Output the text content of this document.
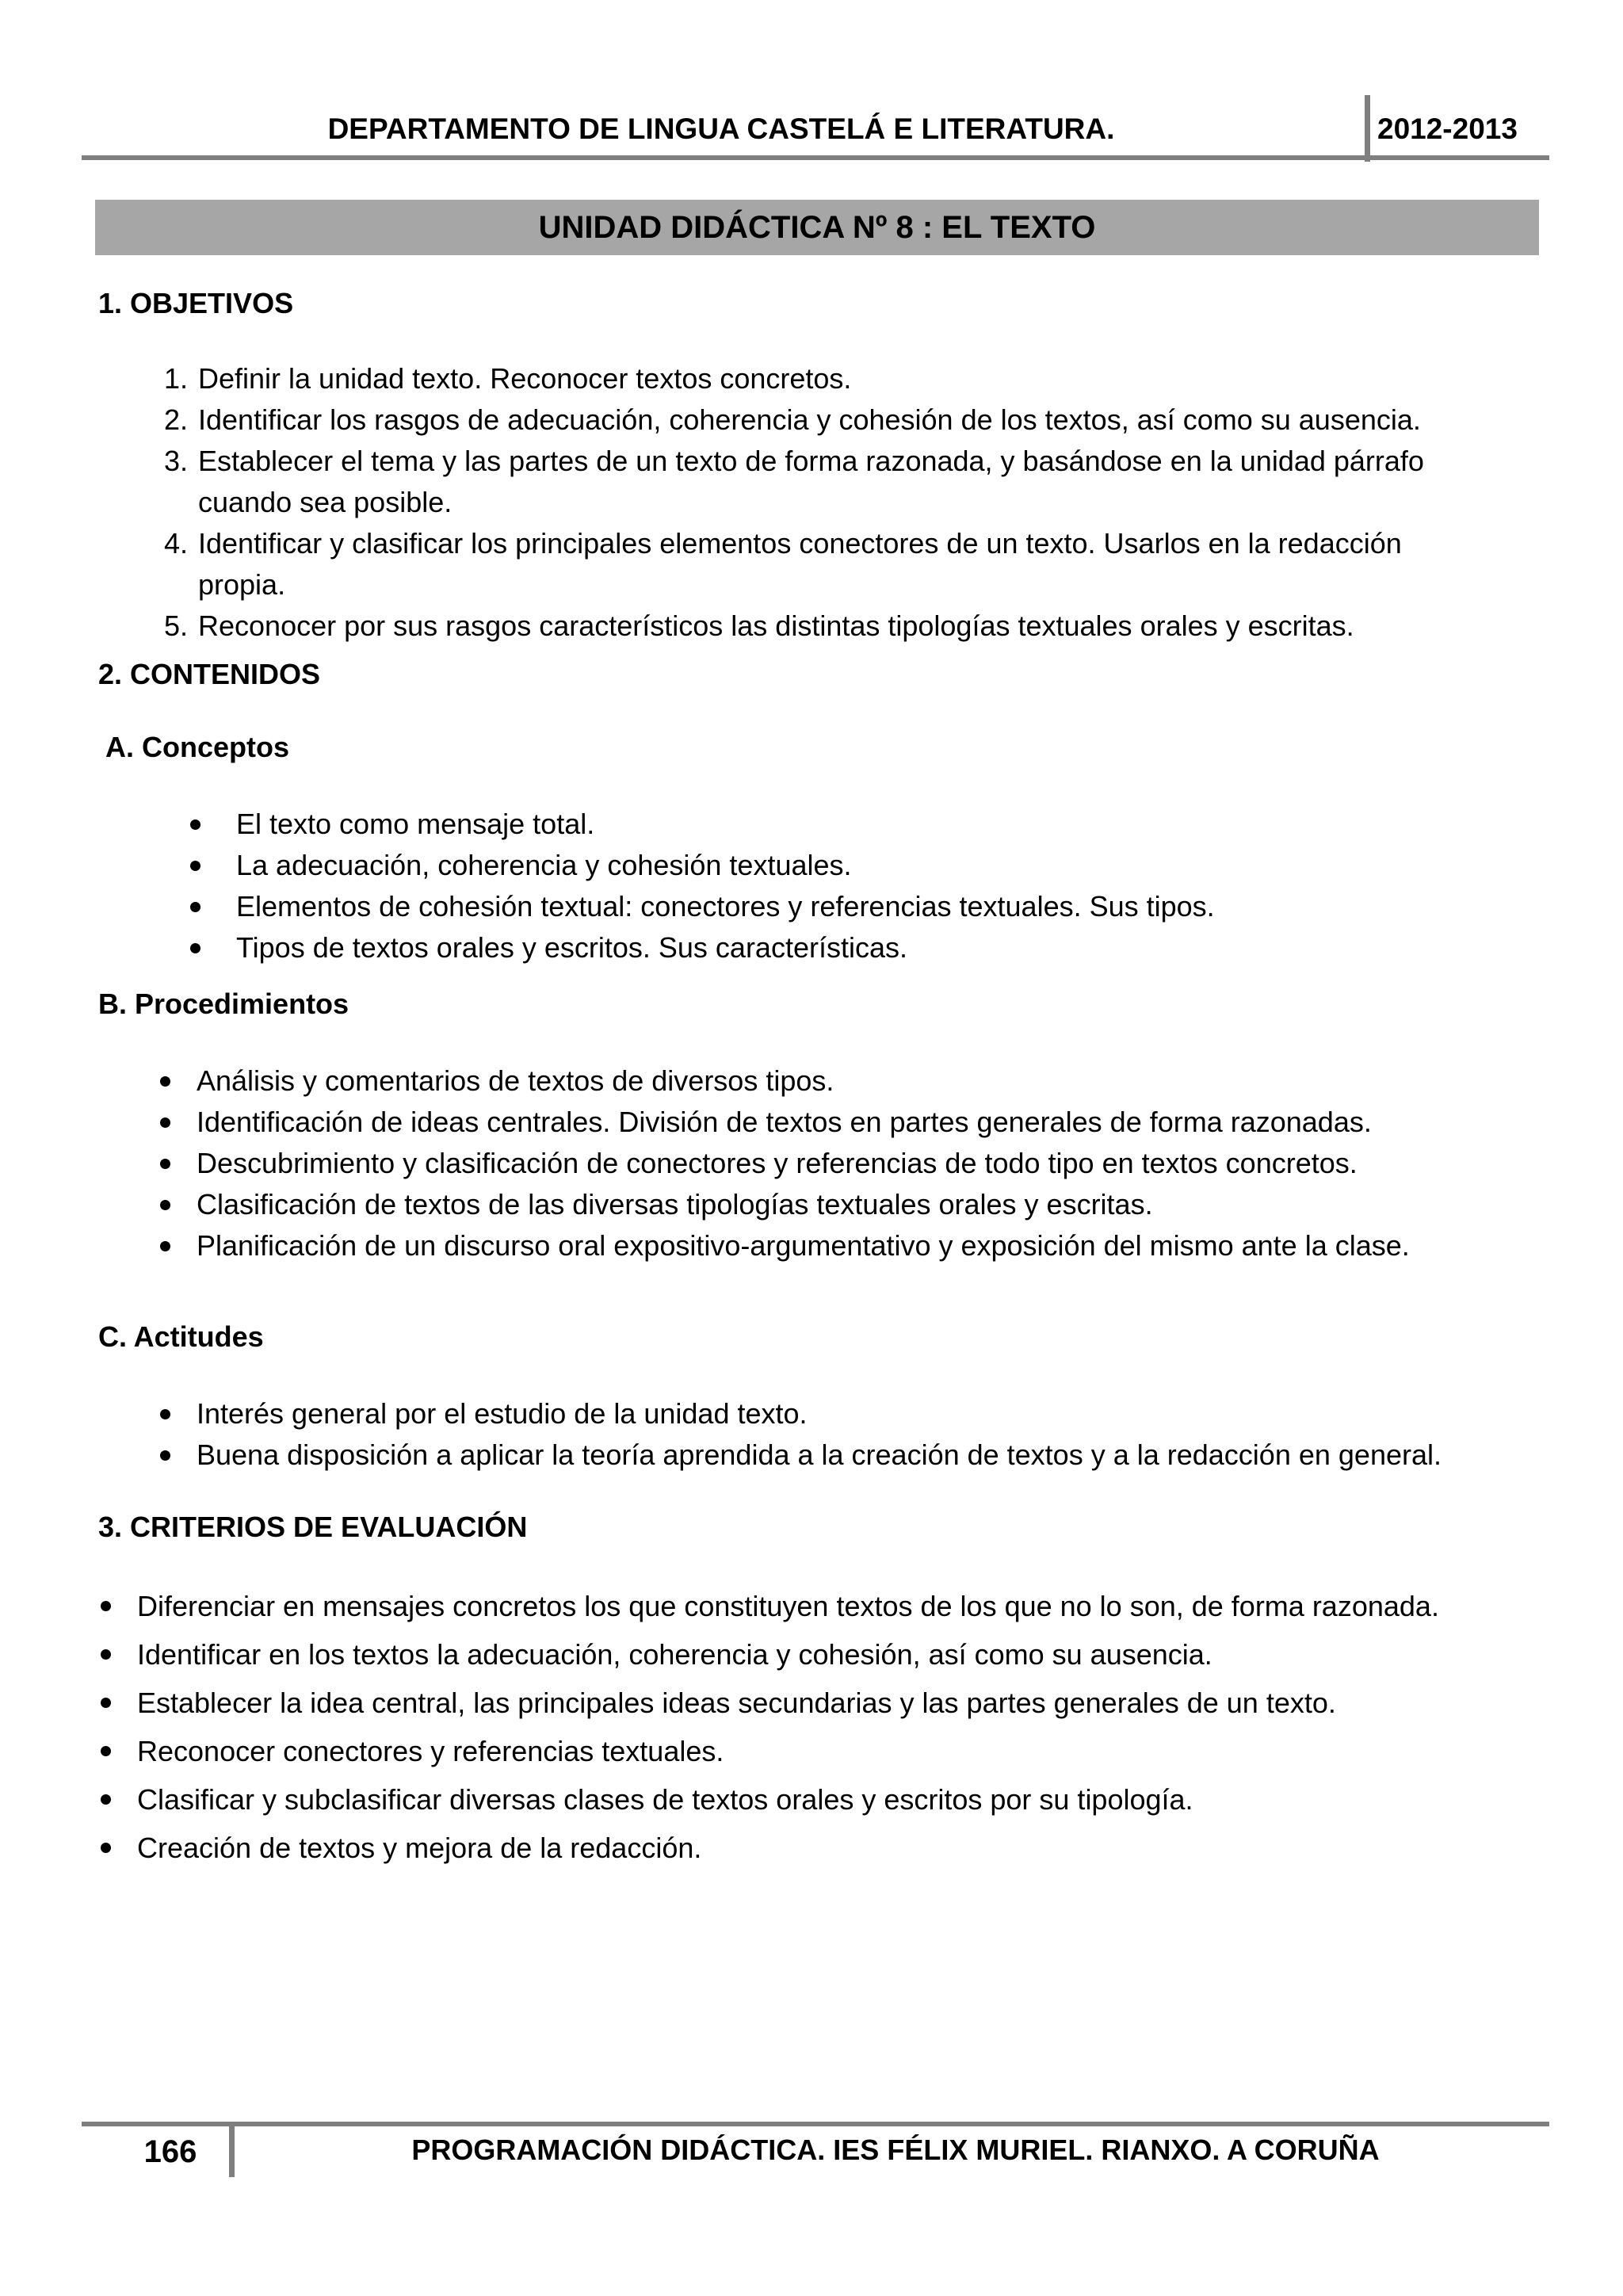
DEPARTAMENTO DE LINGUA CASTELÁ E LITERATURA.	2012-2013
UNIDAD DIDÁCTICA Nº 8 : EL TEXTO
1. OBJETIVOS
1. Definir la unidad texto. Reconocer textos concretos.
2. Identificar los rasgos de adecuación, coherencia y cohesión de los textos, así como su ausencia.
3. Establecer el tema y las partes de un texto de forma razonada, y basándose en la unidad párrafo
cuando sea posible.
4. Identificar y clasificar los principales elementos conectores de un texto. Usarlos en la redacción
propia.
5. Reconocer por sus rasgos característicos las distintas tipologías textuales orales y escritas.
2. CONTENIDOS
A. Conceptos
El texto como mensaje total.
La adecuación, coherencia y cohesión textuales.
Elementos de cohesión textual: conectores y referencias textuales. Sus tipos.
Tipos de textos orales y escritos. Sus características.
B. Procedimientos
Análisis y comentarios de textos de diversos tipos.
Identificación de ideas centrales. División de textos en partes generales de forma razonadas.
Descubrimiento y clasificación de conectores y referencias de todo tipo en textos concretos.
Clasificación de textos de las diversas tipologías textuales orales y escritas.
Planificación de un discurso oral expositivo-argumentativo y exposición del mismo ante la clase.
C. Actitudes
Interés general por el estudio de la unidad texto.
Buena disposición a aplicar la teoría aprendida a la creación de textos y a la redacción en general.
3. CRITERIOS DE EVALUACIÓN
Diferenciar en mensajes concretos los que constituyen textos de los que no lo son, de forma razonada.
Identificar en los textos la adecuación, coherencia y cohesión, así como su ausencia.
Establecer la idea central, las principales ideas secundarias y las partes generales de un texto.
Reconocer conectores y referencias textuales.
Clasificar y subclasificar diversas clases de textos orales y escritos por su tipología.
Creación de textos y mejora de la redacción.
166	PROGRAMACIÓN DIDÁCTICA. IES FÉLIX MURIEL. RIANXO. A CORUÑA
